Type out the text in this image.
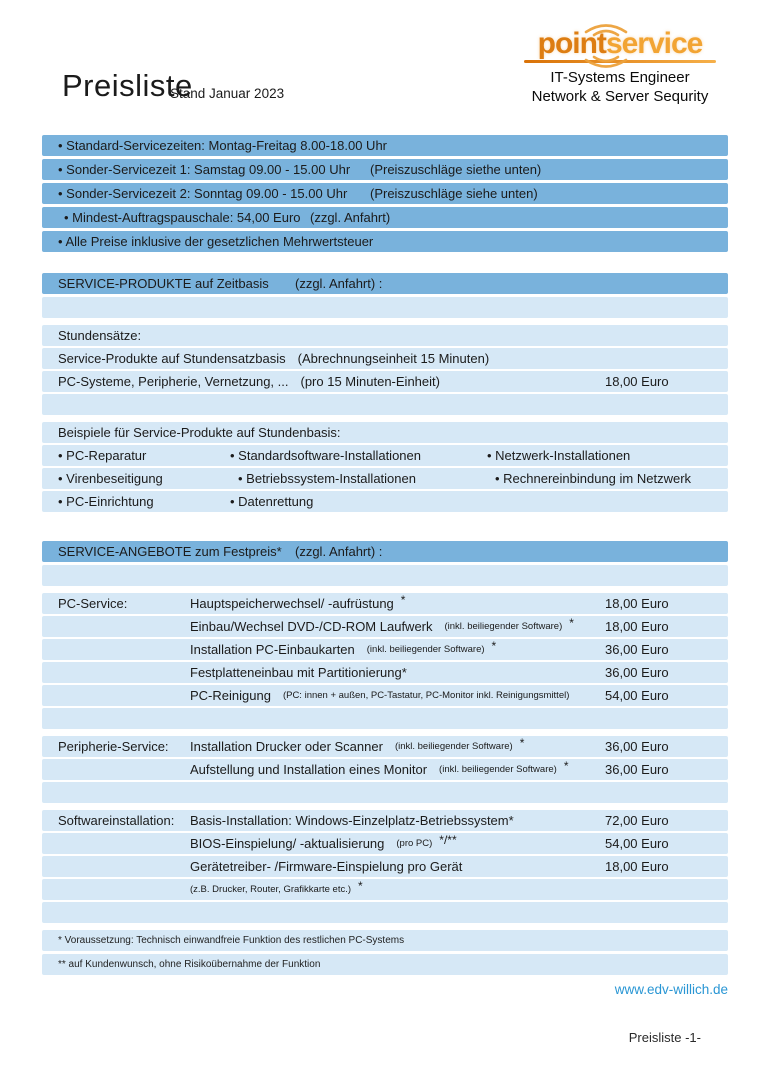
Preisliste
Stand Januar 2023
pointservice
IT-Systems Engineer
Network & Server Sequrity
• Standard-Servicezeiten: Montag-Freitag 8.00-18.00 Uhr
• Sonder-Servicezeit 1: Samstag 09.00 - 15.00 Uhr (Preiszuschläge siethe unten)
• Sonder-Servicezeit 2: Sonntag 09.00 - 15.00 Uhr (Preiszuschläge siehe unten)
• Mindest-Auftragspauschale: 54,00 Euro (zzgl. Anfahrt)
• Alle Preise inklusive der gesetzlichen Mehrwertsteuer
SERVICE-PRODUKTE auf Zeitbasis (zzgl. Anfahrt) :
Stundensätze:
Service-Produkte auf Stundensatzbasis (Abrechnungseinheit 15 Minuten)
PC-Systeme, Peripherie, Vernetzung, ... (pro 15 Minuten-Einheit)	18,00 Euro
Beispiele für Service-Produkte auf Stundenbasis:
• PC-Reparatur	• Standardsoftware-Installationen	• Netzwerk-Installationen
• Virenbeseitigung	• Betriebssystem-Installationen	• Rechnereinbindung im Netzwerk
• PC-Einrichtung	• Datenrettung
SERVICE-ANGEBOTE zum Festpreis* (zzgl. Anfahrt) :
PC-Service:	Hauptspeicherwechsel/ -aufrüstung *	18,00 Euro
Einbau/Wechsel DVD-/CD-ROM Laufwerk (inkl. beiliegender Software) * 18,00 Euro
Installation PC-Einbaukarten (inkl. beiliegender Software) *	36,00 Euro
Festplatteneinbau mit Partitionierung*	36,00 Euro
PC-Reinigung (PC: innen + außen, PC-Tastatur, PC-Monitor inkl. Reinigungsmittel)	54,00 Euro
Peripherie-Service: Installation Drucker oder Scanner (inkl. beiliegender Software) *	36,00 Euro
Aufstellung und Installation eines Monitor (inkl. beiliegender Software) *	36,00 Euro
Softwareinstallation: Basis-Installation: Windows-Einzelplatz-Betriebssystem*	72,00 Euro
BIOS-Einspielung/ -aktualisierung (pro PC) */**	54,00 Euro
Gerätetreiber- /Firmware-Einspielung pro Gerät	18,00 Euro
(z.B. Drucker, Router, Grafikkarte etc.) *
* Voraussetzung: Technisch einwandfreie Funktion des restlichen PC-Systems
** auf Kundenwunsch, ohne Risikoübernahme der Funktion
www.edv-willich.de
Preisliste -1-
